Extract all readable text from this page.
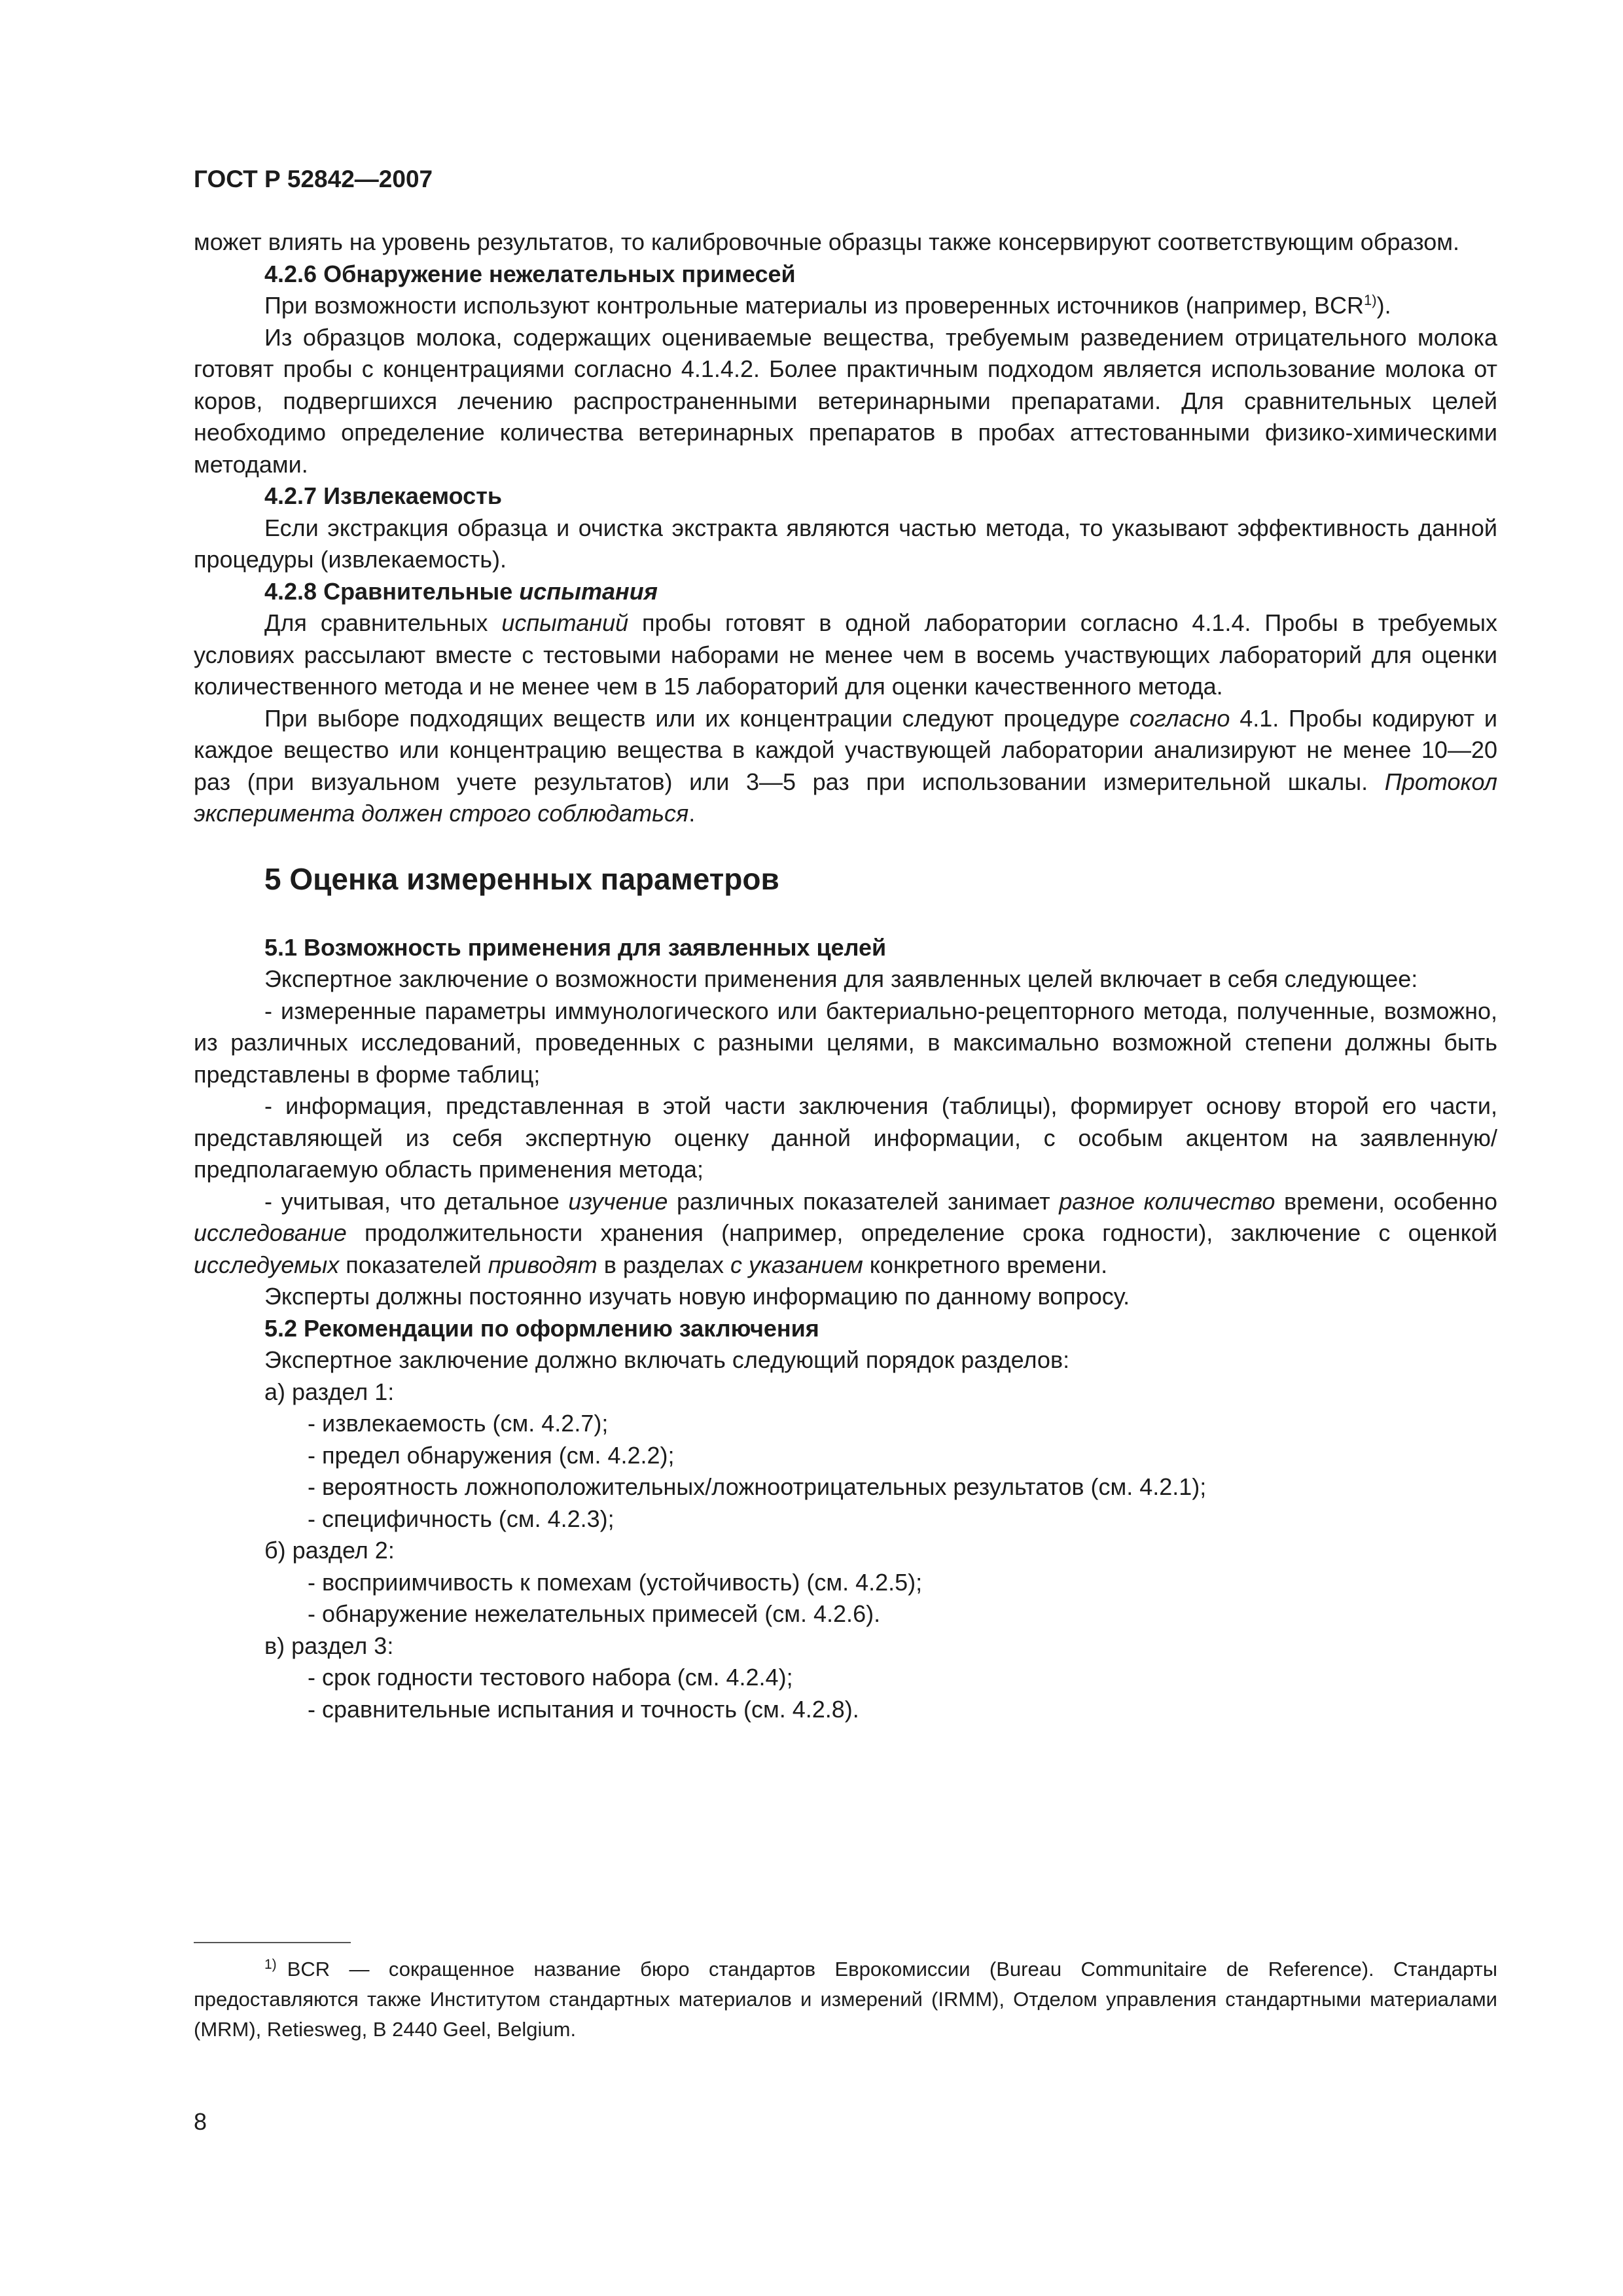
ГОСТ Р 52842—2007

может влиять на уровень результатов, то калибровочные образцы также консервируют соответствующим образом.

4.2.6 Обнаружение нежелательных примесей

При возможности используют контрольные материалы из проверенных источников (например, BCR$^{1)}$).

Из образцов молока, содержащих оцениваемые вещества, требуемым разведением отрицательного молока готовят пробы с концентрациями согласно 4.1.4.2. Более практичным подходом является использование молока от коров, подвергшихся лечению распространенными ветеринарными препаратами. Для сравнительных целей необходимо определение количества ветеринарных препаратов в пробах аттестованными физико-химическими методами.

4.2.7 Извлекаемость

Если экстракция образца и очистка экстракта являются частью метода, то указывают эффективность данной процедуры (извлекаемость).

4.2.8 Сравнительные испытания

Для сравнительных испытаний пробы готовят в одной лаборатории согласно 4.1.4. Пробы в требуемых условиях рассылают вместе с тестовыми наборами не менее чем в восемь участвующих лабораторий для оценки количественного метода и не менее чем в 15 лабораторий для оценки качественного метода.

При выборе подходящих веществ или их концентрации следуют процедуре согласно 4.1. Пробы кодируют и каждое вещество или концентрацию вещества в каждой участвующей лаборатории анализируют не менее 10—20 раз (при визуальном учете результатов) или 3—5 раз при использовании измерительной шкалы. Протокол эксперимента должен строго соблюдаться.

5 Оценка измеренных параметров
5.1 Возможность применения для заявленных целей

Экспертное заключение о возможности применения для заявленных целей включает в себя следующее:

- измеренные параметры иммунологического или бактериально-рецепторного метода, полученные, возможно, из различных исследований, проведенных с разными целями, в максимально возможной степени должны быть представлены в форме таблиц;

- информация, представленная в этой части заключения (таблицы), формирует основу второй его части, представляющей из себя экспертную оценку данной информации, с особым акцентом на заявленную/ предполагаемую область применения метода;

- учитывая, что детальное изучение различных показателей занимает разное количество времени, особенно исследование продолжительности хранения (например, определение срока годности), заключение с оценкой исследуемых показателей приводят в разделах с указанием конкретного времени.

Эксперты должны постоянно изучать новую информацию по данному вопросу.

5.2 Рекомендации по оформлению заключения

Экспертное заключение должно включать следующий порядок разделов:

а) раздел 1:

- извлекаемость (см. 4.2.7);

- предел обнаружения (см. 4.2.2);

- вероятность ложноположительных/ложноотрицательных результатов (см. 4.2.1);

- специфичность (см. 4.2.3);

б) раздел 2:

- восприимчивость к помехам (устойчивость) (см. 4.2.5);

- обнаружение нежелательных примесей (см. 4.2.6).

в) раздел 3:

- срок годности тестового набора (см. 4.2.4);

- сравнительные испытания и точность (см. 4.2.8).

$^{1)}$ BCR — сокращенное название бюро стандартов Еврокомиссии (Bureau Communitaire de Reference). Стандарты предоставляются также Институтом стандартных материалов и измерений (IRMM), Отделом управления стандартными материалами (MRM), Retiesweg, B 2440 Geel, Belgium.

8
